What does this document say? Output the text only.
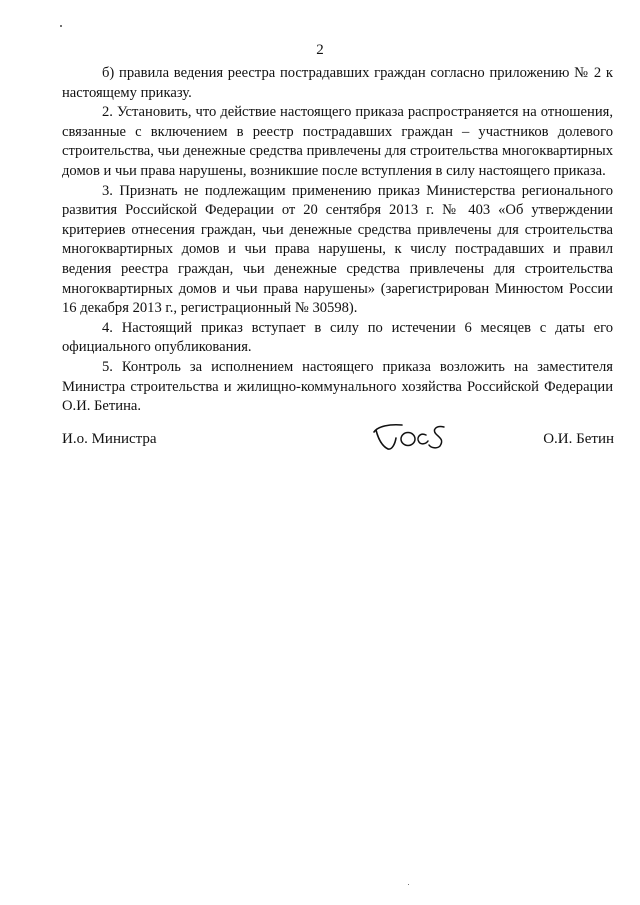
2

б) правила ведения реестра пострадавших граждан согласно приложению № 2 к настоящему приказу.

2. Установить, что действие настоящего приказа распространяется на отношения, связанные с включением в реестр пострадавших граждан – участников долевого строительства, чьи денежные средства привлечены для строительства многоквартирных домов и чьи права нарушены, возникшие после вступления в силу настоящего приказа.

3. Признать не подлежащим применению приказ Министерства регионального развития Российской Федерации от 20 сентября 2013 г. № 403 «Об утверждении критериев отнесения граждан, чьи денежные средства привлечены для строительства многоквартирных домов и чьи права нарушены, к числу пострадавших и правил ведения реестра граждан, чьи денежные средства привлечены для строительства многоквартирных домов и чьи права нарушены» (зарегистрирован Минюстом России 16 декабря 2013 г., регистрационный № 30598).

4. Настоящий приказ вступает в силу по истечении 6 месяцев с даты его официального опубликования.

5. Контроль за исполнением настоящего приказа возложить на заместителя Министра строительства и жилищно-коммунального хозяйства Российской Федерации О.И. Бетина.

И.о. Министра	О.И. Бетин
